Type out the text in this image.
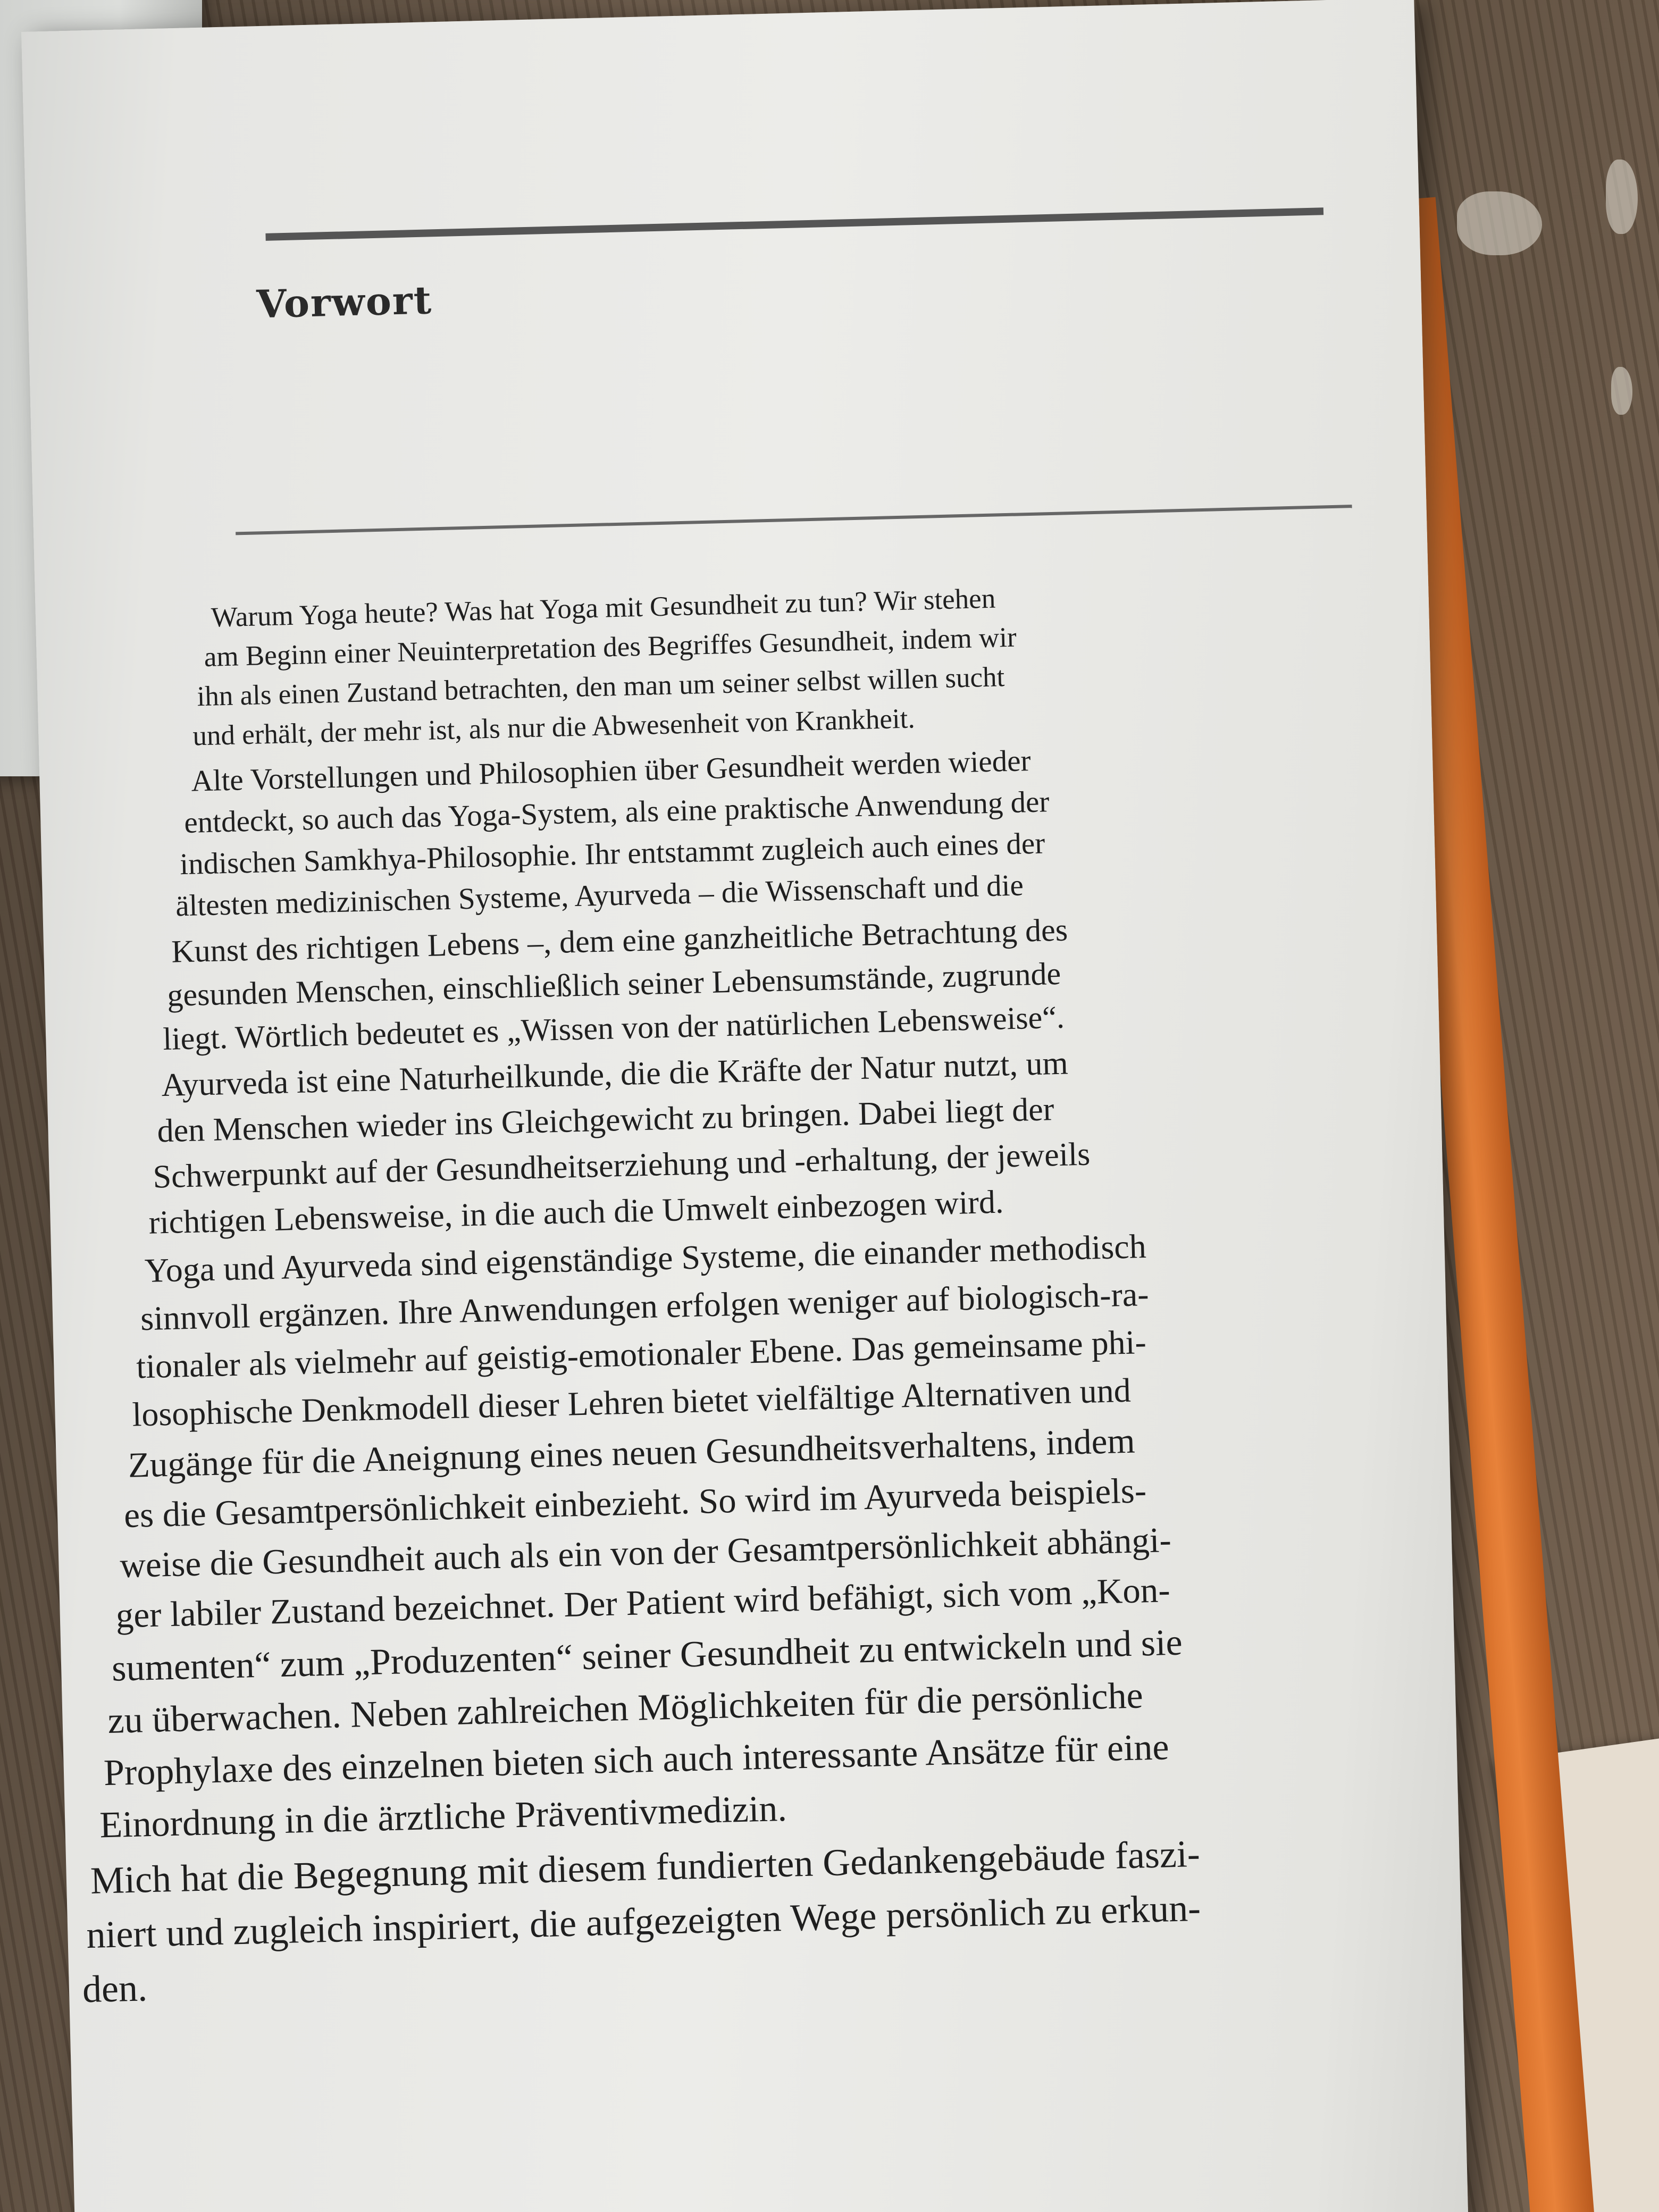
Vorwort
Warum Yoga heute? Was hat Yoga mit Gesundheit zu tun? Wir stehen
am Beginn einer Neuinterpretation des Begriffes Gesundheit, indem wir
ihn als einen Zustand betrachten, den man um seiner selbst willen sucht
und erhält, der mehr ist, als nur die Abwesenheit von Krankheit.
Alte Vorstellungen und Philosophien über Gesundheit werden wieder
entdeckt, so auch das Yoga-System, als eine praktische Anwendung der
indischen Samkhya-Philosophie. Ihr entstammt zugleich auch eines der
ältesten medizinischen Systeme, Ayurveda – die Wissenschaft und die
Kunst des richtigen Lebens –, dem eine ganzheitliche Betrachtung des
gesunden Menschen, einschließlich seiner Lebensumstände, zugrunde
liegt. Wörtlich bedeutet es „Wissen von der natürlichen Lebensweise“.
Ayurveda ist eine Naturheilkunde, die die Kräfte der Natur nutzt, um
den Menschen wieder ins Gleichgewicht zu bringen. Dabei liegt der
Schwerpunkt auf der Gesundheitserziehung und -erhaltung, der jeweils
richtigen Lebensweise, in die auch die Umwelt einbezogen wird.
Yoga und Ayurveda sind eigenständige Systeme, die einander methodisch
sinnvoll ergänzen. Ihre Anwendungen erfolgen weniger auf biologisch-ra-
tionaler als vielmehr auf geistig-emotionaler Ebene. Das gemeinsame phi-
losophische Denkmodell dieser Lehren bietet vielfältige Alternativen und
Zugänge für die Aneignung eines neuen Gesundheitsverhaltens, indem
es die Gesamtpersönlichkeit einbezieht. So wird im Ayurveda beispiels-
weise die Gesundheit auch als ein von der Gesamtpersönlichkeit abhängi-
ger labiler Zustand bezeichnet. Der Patient wird befähigt, sich vom „Kon-
sumenten“ zum „Produzenten“ seiner Gesundheit zu entwickeln und sie
zu überwachen. Neben zahlreichen Möglichkeiten für die persönliche
Prophylaxe des einzelnen bieten sich auch interessante Ansätze für eine
Einordnung in die ärztliche Präventivmedizin.
Mich hat die Begegnung mit diesem fundierten Gedankengebäude faszi-
niert und zugleich inspiriert, die aufgezeigten Wege persönlich zu erkun-
den.
